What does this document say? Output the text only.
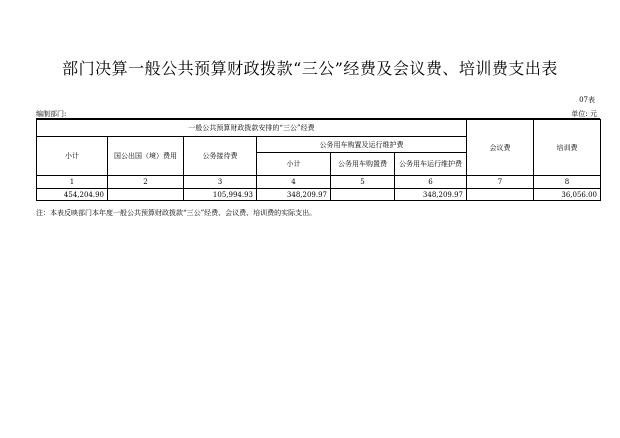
部门决算一般公共预算财政拨款“三公”经费及会议费、培训费支出表
07表
编制部门:	单位: 元
一般公共预算财政拨款安排的“三公”经费						会议费	培训费
小计	国公出国（境）费用	公务接待费	公务用车购置及运行维护费				
			小计	公务用车购置费	公务用车运行维护费		
1	2	3	4	5	6	7	8
454,204.90		105,994.93	348,209.97		348,209.97		36,056.00
注：本表反映部门本年度一般公共预算财政拨款“三公”经费、会议费、培训费的实际支出。
